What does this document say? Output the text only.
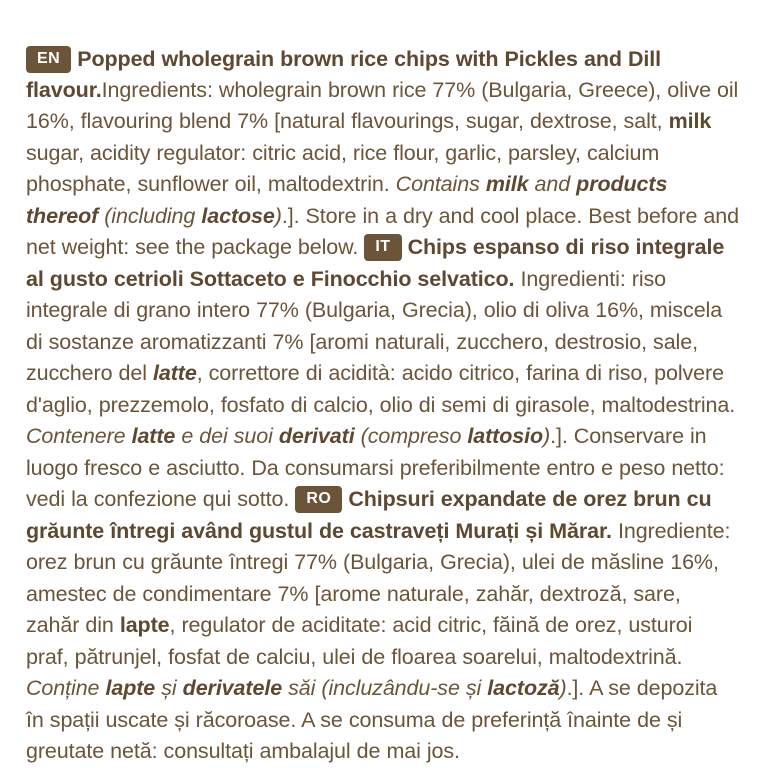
EN Popped wholegrain brown rice chips with Pickles and Dill flavour.Ingredients: wholegrain brown rice 77% (Bulgaria, Greece), olive oil 16%, flavouring blend 7% [natural flavourings, sugar, dextrose, salt, milk sugar, acidity regulator: citric acid, rice flour, garlic, parsley, calcium phosphate, sunflower oil, maltodextrin. Contains milk and products thereof (including lactose).]. Store in a dry and cool place. Best before and net weight: see the package below. IT Chips espanso di riso integrale al gusto cetrioli Sottaceto e Finocchio selvatico. Ingredienti: riso integrale di grano intero 77% (Bulgaria, Grecia), olio di oliva 16%, miscela di sostanze aromatizzanti 7% [aromi naturali, zucchero, destrosio, sale, zucchero del latte, correttore di acidità: acido citrico, farina di riso, polvere d'aglio, prezzemolo, fosfato di calcio, olio di semi di girasole, maltodestrina. Contenere latte e dei suoi derivati (compreso lattosio).]. Conservare in luogo fresco e asciutto. Da consumarsi preferibilmente entro e peso netto: vedi la confezione qui sotto. RO Chipsuri expandate de orez brun cu grăunte întregi având gustul de castraveți Murați și Mărar. Ingrediente: orez brun cu grăunte întregi 77% (Bulgaria, Grecia), ulei de măsline 16%, amestec de condimentare 7% [arome naturale, zahăr, dextroză, sare, zahăr din lapte, regulator de aciditate: acid citric, făină de orez, usturoi praf, pătrunjel, fosfat de calciu, ulei de floarea soarelui, maltodextrină. Conține lapte și derivatele săi (incluzându-se și lactoză).]. A se depozita în spații uscate și răcoroase. A se consuma de preferință înainte de și greutate netă: consultați ambalajul de mai jos.
